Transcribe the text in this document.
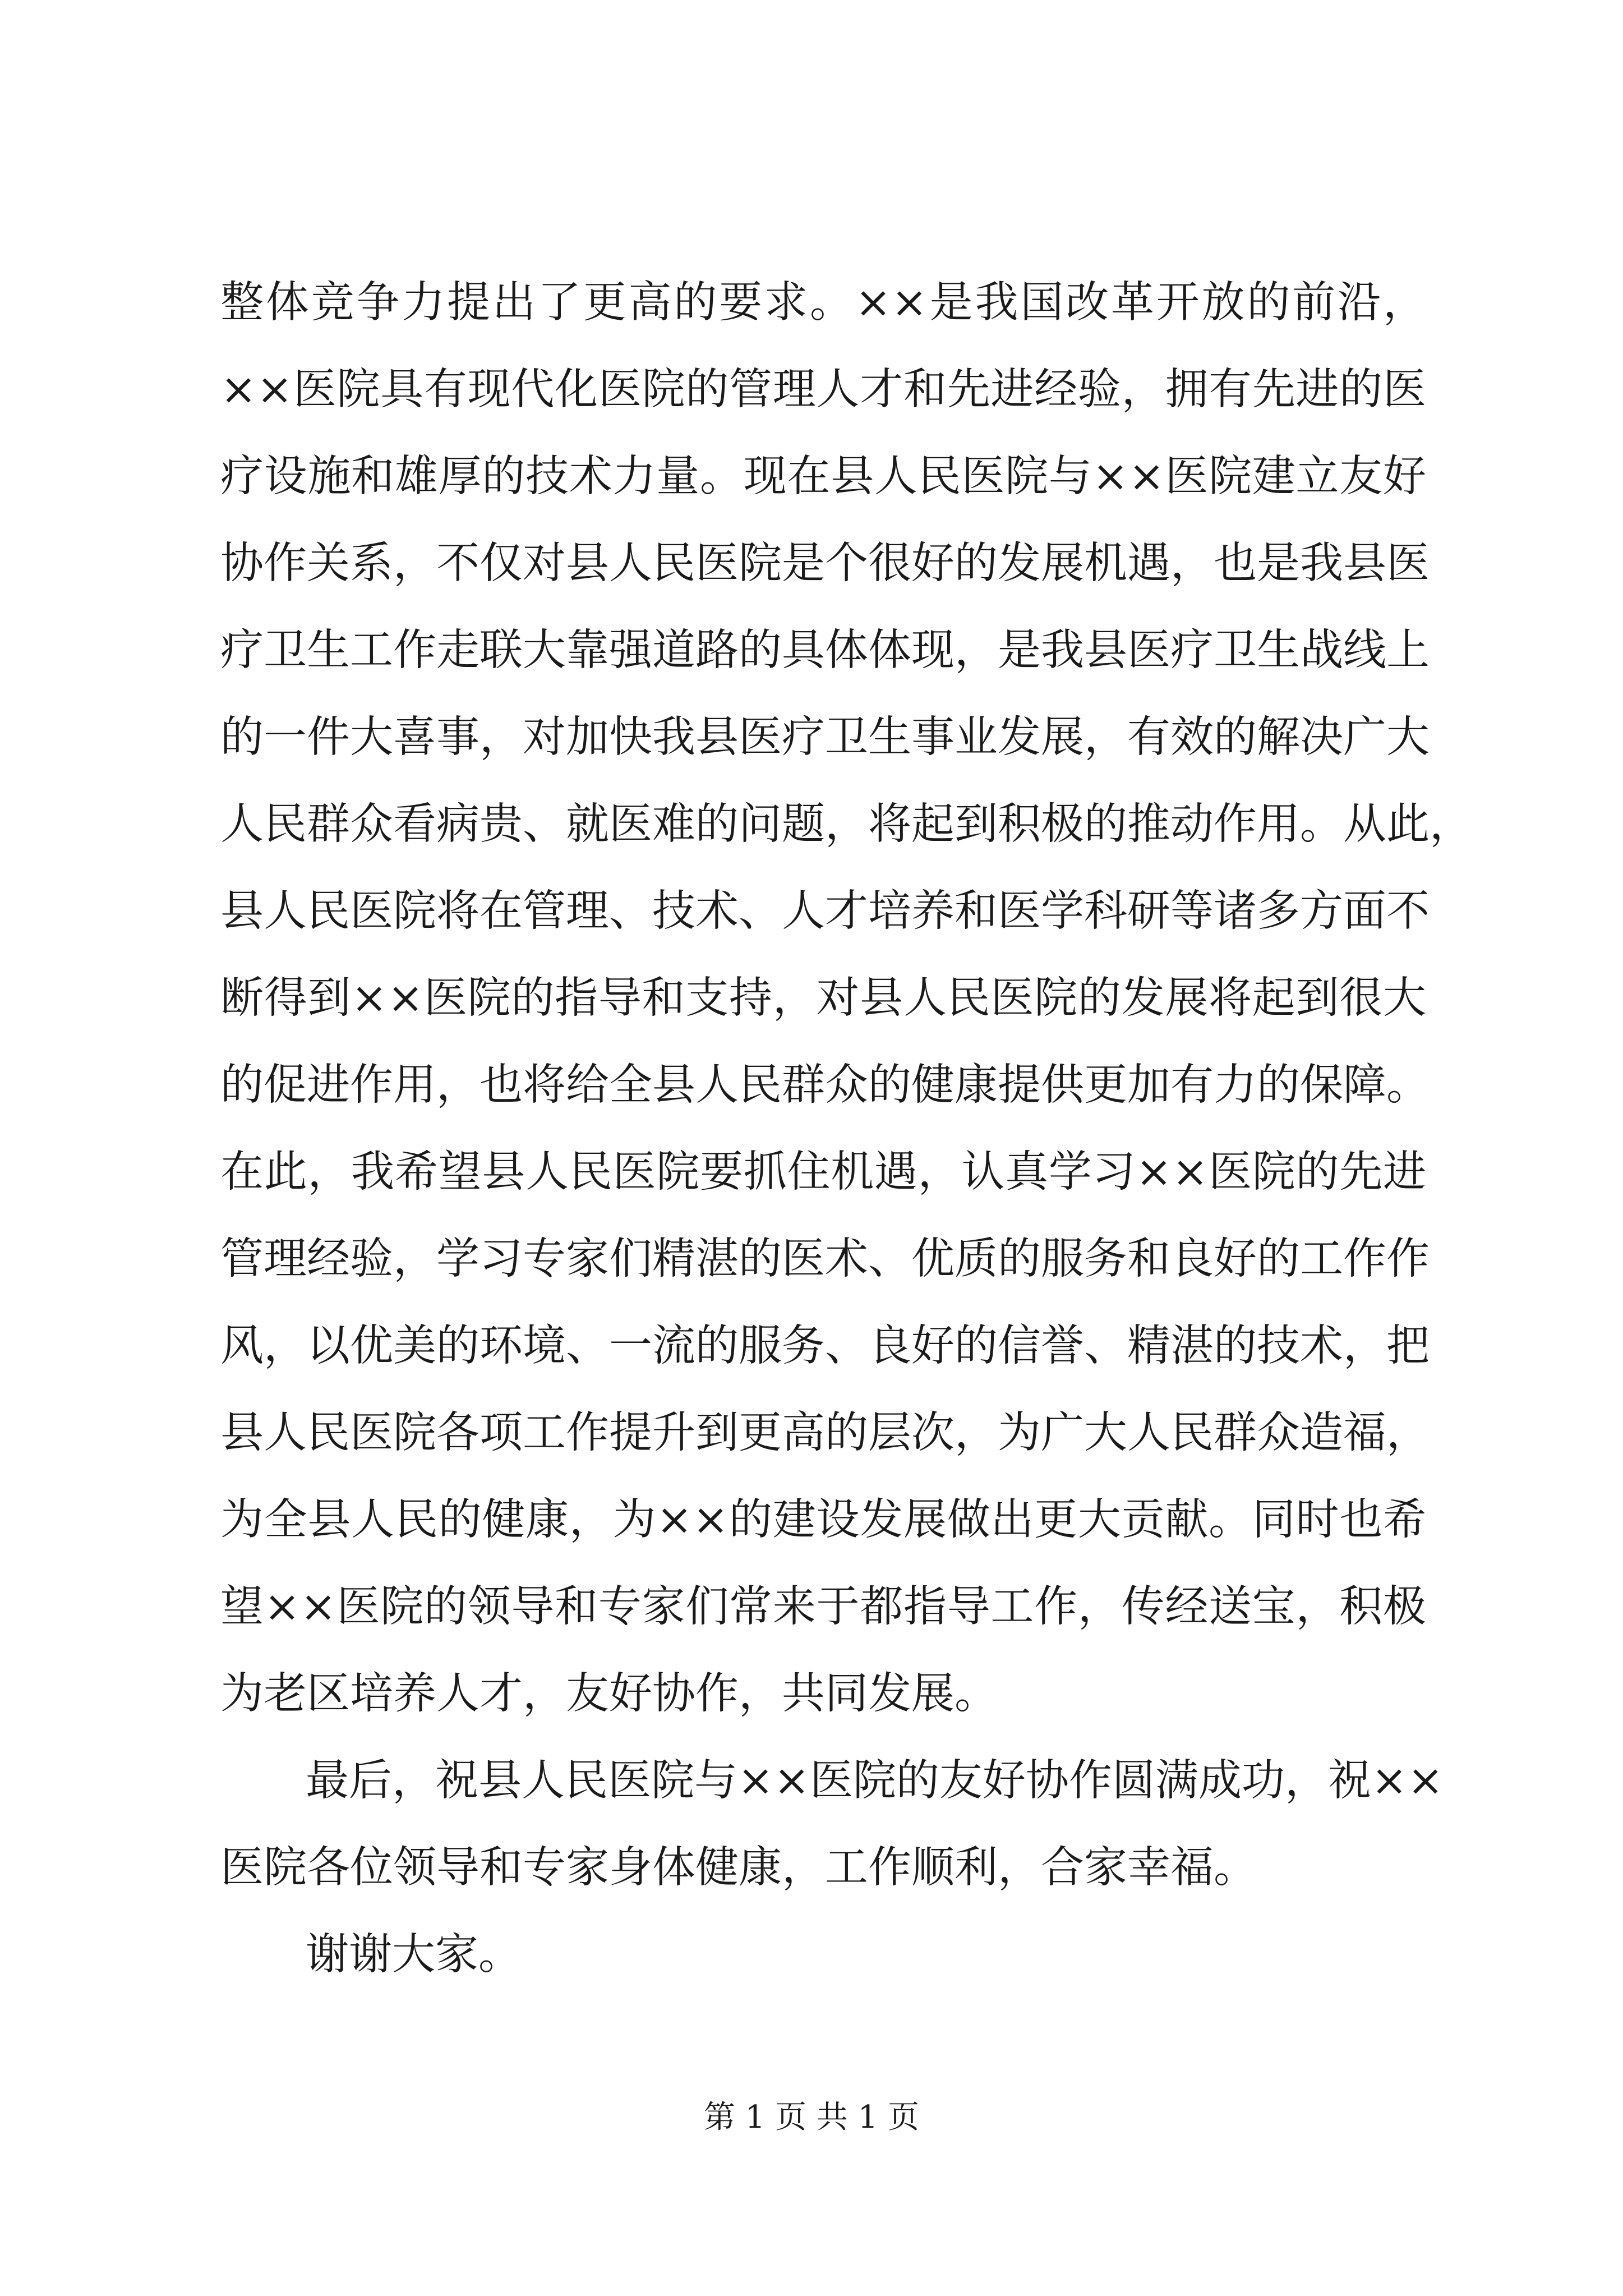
整体竞争力提出了更高的要求。××是我国改革开放的前沿，
××医院具有现代化医院的管理人才和先进经验，拥有先进的医
疗设施和雄厚的技术力量。现在县人民医院与××医院建立友好
协作关系，不仅对县人民医院是个很好的发展机遇，也是我县医
疗卫生工作走联大靠强道路的具体体现，是我县医疗卫生战线上
的一件大喜事，对加快我县医疗卫生事业发展，有效的解决广大
人民群众看病贵、就医难的问题，将起到积极的推动作用。从此，
县人民医院将在管理、技术、人才培养和医学科研等诸多方面不
断得到××医院的指导和支持，对县人民医院的发展将起到很大
的促进作用，也将给全县人民群众的健康提供更加有力的保障。
在此，我希望县人民医院要抓住机遇，认真学习××医院的先进
管理经验，学习专家们精湛的医术、优质的服务和良好的工作作
风，以优美的环境、一流的服务、良好的信誉、精湛的技术，把
县人民医院各项工作提升到更高的层次，为广大人民群众造福，
为全县人民的健康，为××的建设发展做出更大贡献。同时也希
望××医院的领导和专家们常来于都指导工作，传经送宝，积极
为老区培养人才，友好协作，共同发展。
最后，祝县人民医院与××医院的友好协作圆满成功，祝××
医院各位领导和专家身体健康，工作顺利，合家幸福。
谢谢大家。
第 1 页 共 1 页
